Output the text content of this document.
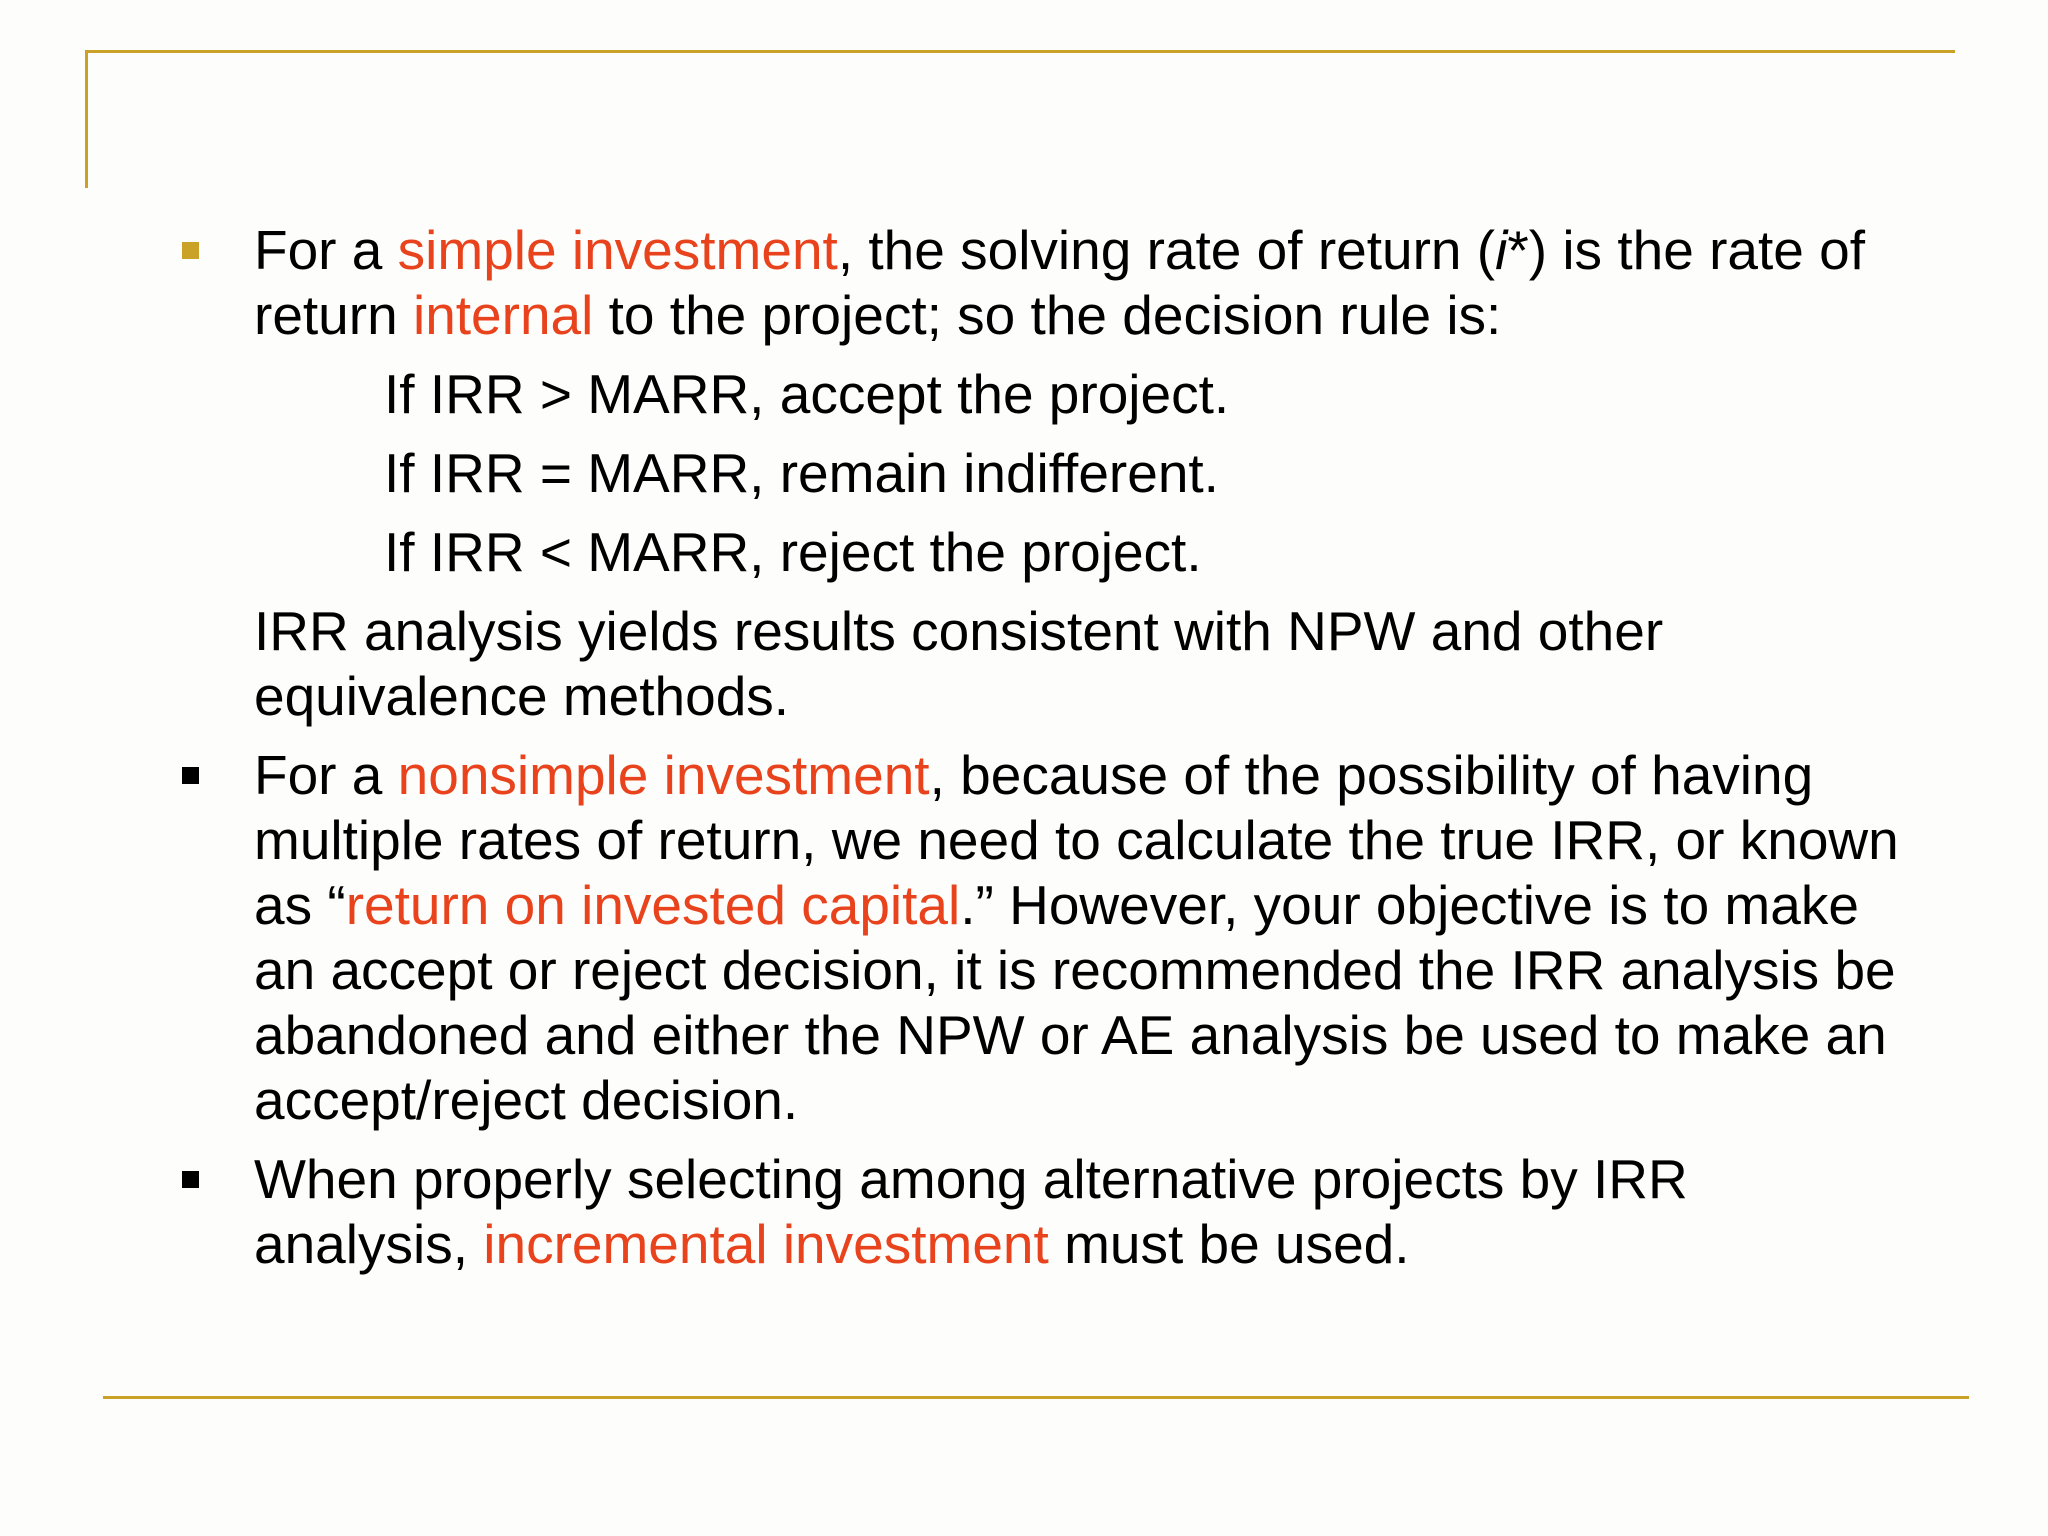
For a simple investment, the solving rate of return (i*) is the rate of return internal to the project; so the decision rule is:
If IRR > MARR, accept the project.
If IRR = MARR, remain indifferent.
If IRR < MARR, reject the project.
IRR analysis yields results consistent with NPW and other equivalence methods.
For a nonsimple investment, because of the possibility of having multiple rates of return, we need to calculate the true IRR, or known as “return on invested capital.” However, your objective is to make an accept or reject decision, it is recommended the IRR analysis be abandoned and either the NPW or AE analysis be used to make an accept/reject decision.
When properly selecting among alternative projects by IRR analysis, incremental investment must be used.
